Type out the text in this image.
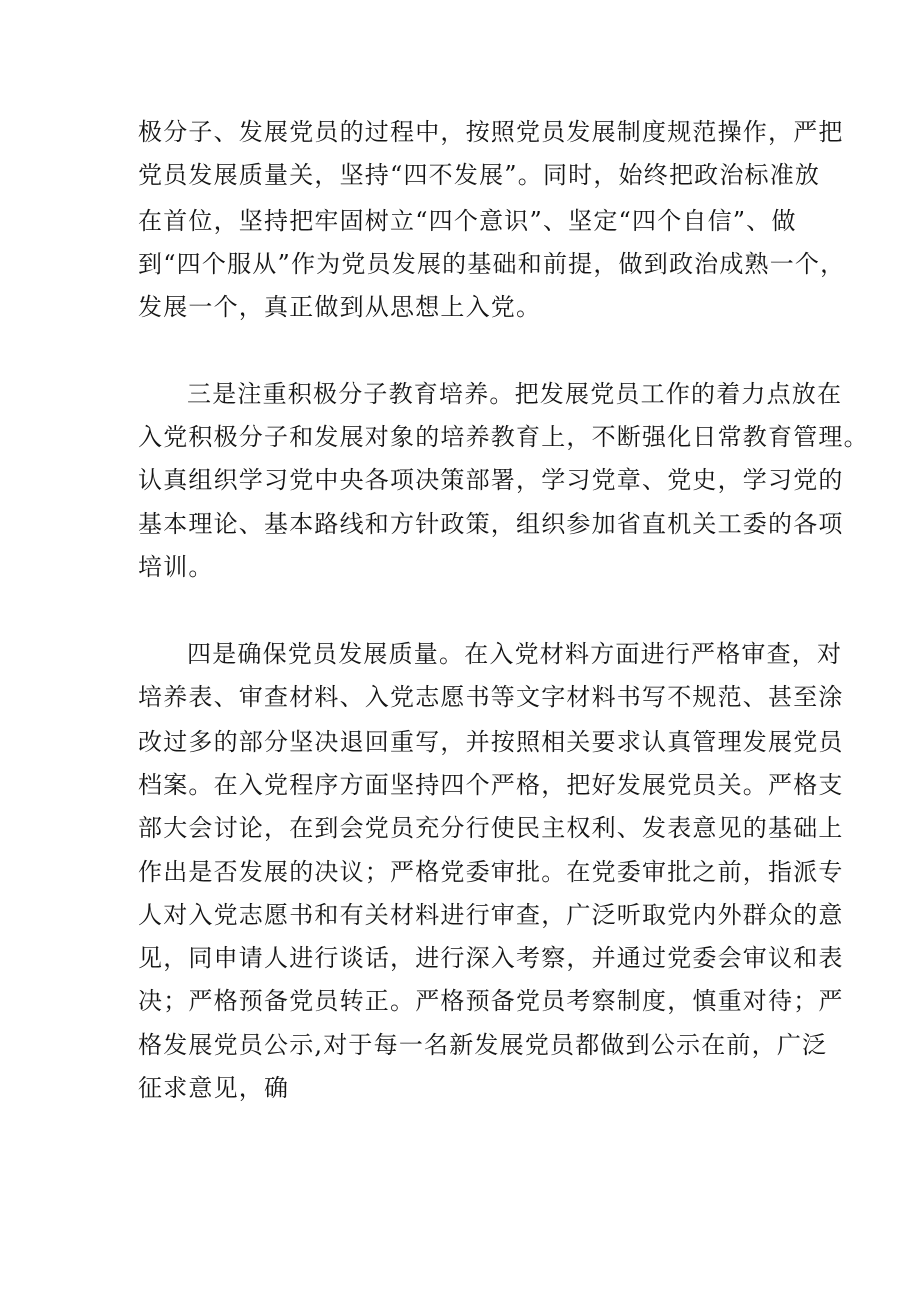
极分子、发展党员的过程中，按照党员发展制度规范操作，严把
党员发展质量关，坚持“四不发展”。同时，始终把政治标准放
在首位，坚持把牢固树立“四个意识”、坚定“四个自信”、做
到“四个服从”作为党员发展的基础和前提，做到政治成熟一个，
发展一个，真正做到从思想上入党。
三是注重积极分子教育培养。把发展党员工作的着力点放在
入党积极分子和发展对象的培养教育上，不断强化日常教育管理。
认真组织学习党中央各项决策部署，学习党章、党史，学习党的
基本理论、基本路线和方针政策，组织参加省直机关工委的各项
培训。
四是确保党员发展质量。在入党材料方面进行严格审查，对
培养表、审查材料、入党志愿书等文字材料书写不规范、甚至涂
改过多的部分坚决退回重写，并按照相关要求认真管理发展党员
档案。在入党程序方面坚持四个严格，把好发展党员关。严格支
部大会讨论，在到会党员充分行使民主权利、发表意见的基础上
作出是否发展的决议；严格党委审批。在党委审批之前，指派专
人对入党志愿书和有关材料进行审查，广泛听取党内外群众的意
见，同申请人进行谈话，进行深入考察，并通过党委会审议和表
决；严格预备党员转正。严格预备党员考察制度，慎重对待；严
格发展党员公示,对于每一名新发展党员都做到公示在前，广泛
征求意见，确
